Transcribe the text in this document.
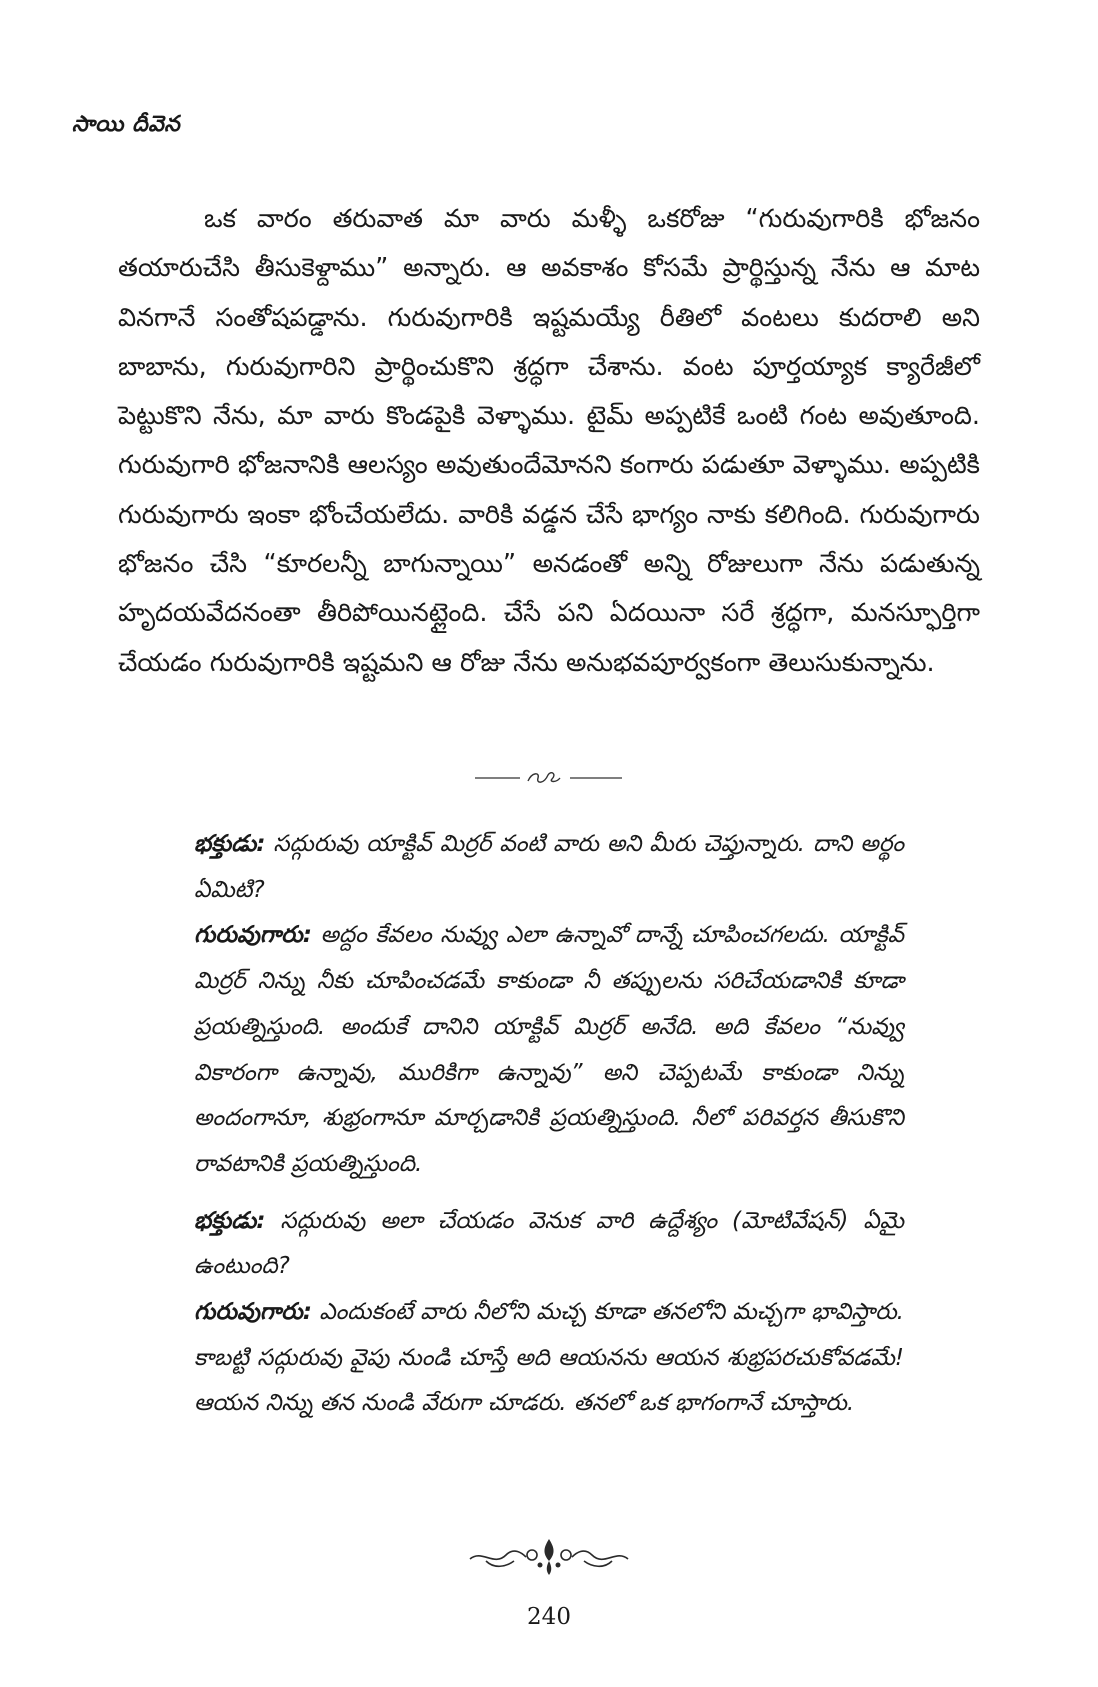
సాయి దీవెన

ఒక వారం తరువాత మా వారు మళ్ళీ ఒకరోజు “గురువుగారికి భోజనం తయారుచేసి తీసుకెళ్దాము” అన్నారు. ఆ అవకాశం కోసమే ప్రార్థిస్తున్న నేను ఆ మాట వినగానే సంతోషపడ్డాను. గురువుగారికి ఇష్టమయ్యే రీతిలో వంటలు కుదరాలి అని బాబాను, గురువుగారిని ప్రార్థించుకొని శ్రద్ధగా చేశాను. వంట పూర్తయ్యాక క్యారేజీలో పెట్టుకొని నేను, మా వారు కొండపైకి వెళ్ళాము. టైమ్ అప్పటికే ఒంటి గంట అవుతూంది. గురువుగారి భోజనానికి ఆలస్యం అవుతుందేమోనని కంగారు పడుతూ వెళ్ళాము. అప్పటికి గురువుగారు ఇంకా భోంచేయలేదు. వారికి వడ్డన చేసే భాగ్యం నాకు కలిగింది. గురువుగారు భోజనం చేసి “కూరలన్నీ బాగున్నాయి” అనడంతో అన్ని రోజులుగా నేను పడుతున్న హృదయవేదనంతా తీరిపోయినట్లైంది. చేసే పని ఏదయినా సరే శ్రద్ధగా, మనస్ఫూర్తిగా చేయడం గురువుగారికి ఇష్టమని ఆ రోజు నేను అనుభవపూర్వకంగా తెలుసుకున్నాను.

భక్తుడు: సద్గురువు యాక్టివ్ మిర్రర్ వంటి వారు అని మీరు చెప్తున్నారు. దాని అర్థం ఏమిటి?

గురువుగారు: అద్దం కేవలం నువ్వు ఎలా ఉన్నావో దాన్నే చూపించగలదు. యాక్టివ్ మిర్రర్ నిన్ను నీకు చూపించడమే కాకుండా నీ తప్పులను సరిచేయడానికి కూడా ప్రయత్నిస్తుంది. అందుకే దానిని యాక్టివ్ మిర్రర్ అనేది. అది కేవలం “నువ్వు వికారంగా ఉన్నావు, మురికిగా ఉన్నావు” అని చెప్పటమే కాకుండా నిన్ను అందంగానూ, శుభ్రంగానూ మార్చడానికి ప్రయత్నిస్తుంది. నీలో పరివర్తన తీసుకొని రావటానికి ప్రయత్నిస్తుంది.

భక్తుడు: సద్గురువు అలా చేయడం వెనుక వారి ఉద్దేశ్యం (మోటివేషన్) ఏమై ఉంటుంది?

గురువుగారు: ఎందుకంటే వారు నీలోని మచ్చ కూడా తనలోని మచ్చగా భావిస్తారు. కాబట్టి సద్గురువు వైపు నుండి చూస్తే అది ఆయనను ఆయన శుభ్రపరచుకోవడమే! ఆయన నిన్ను తన నుండి వేరుగా చూడరు. తనలో ఒక భాగంగానే చూస్తారు.

240
